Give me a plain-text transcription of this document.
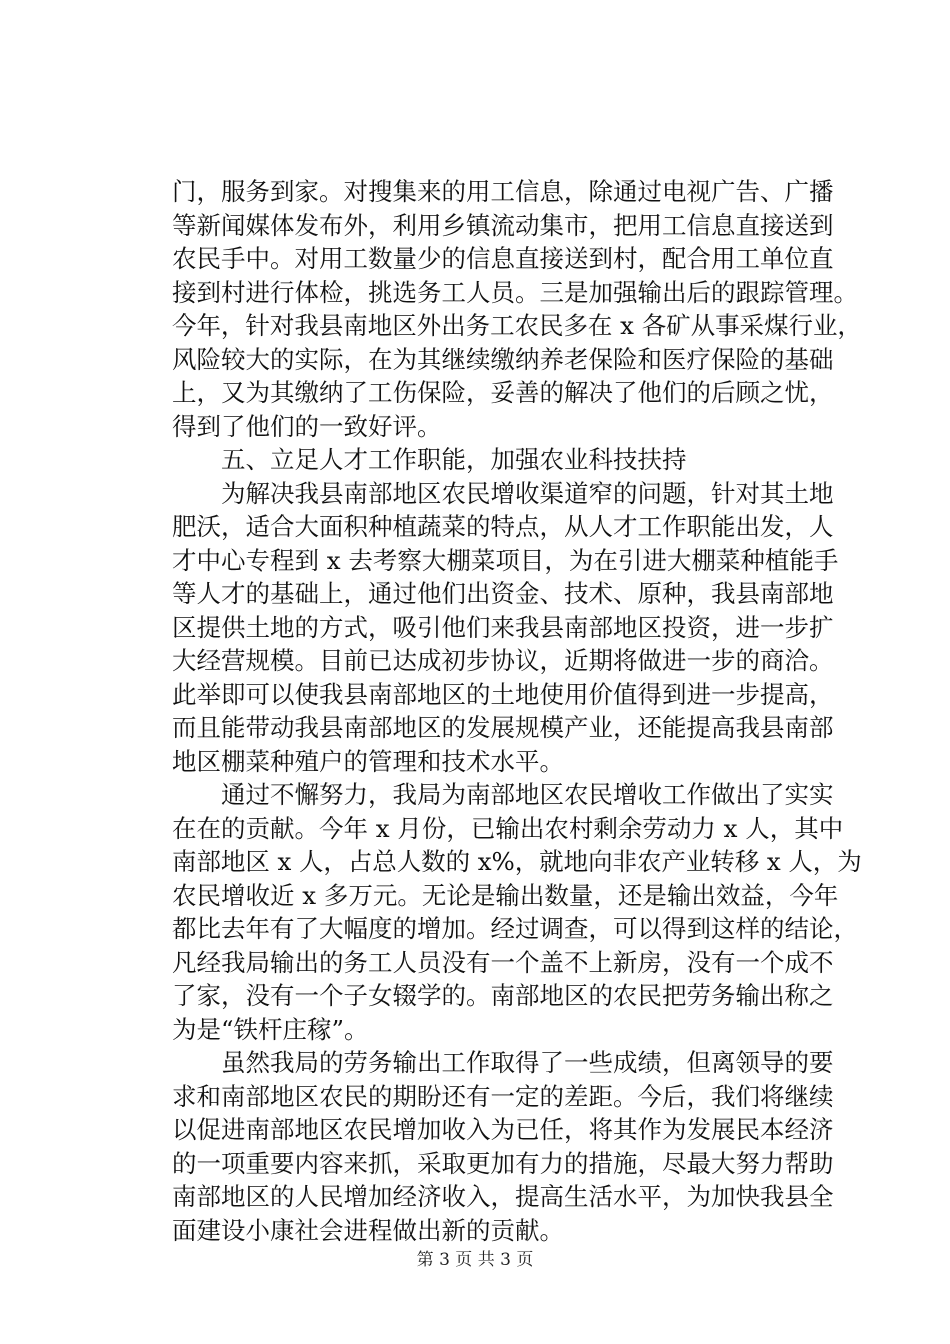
门，服务到家。对搜集来的用工信息，除通过电视广告、广播
等新闻媒体发布外，利用乡镇流动集市，把用工信息直接送到
农民手中。对用工数量少的信息直接送到村，配合用工单位直
接到村进行体检，挑选务工人员。三是加强输出后的跟踪管理。
今年，针对我县南地区外出务工农民多在 x 各矿从事采煤行业，
风险较大的实际，在为其继续缴纳养老保险和医疗保险的基础
上，又为其缴纳了工伤保险，妥善的解决了他们的后顾之忧，
得到了他们的一致好评。
五、立足人才工作职能，加强农业科技扶持
为解决我县南部地区农民增收渠道窄的问题，针对其土地
肥沃，适合大面积种植蔬菜的特点，从人才工作职能出发，人
才中心专程到 x 去考察大棚菜项目，为在引进大棚菜种植能手
等人才的基础上，通过他们出资金、技术、原种，我县南部地
区提供土地的方式，吸引他们来我县南部地区投资，进一步扩
大经营规模。目前已达成初步协议，近期将做进一步的商洽。
此举即可以使我县南部地区的土地使用价值得到进一步提高，
而且能带动我县南部地区的发展规模产业，还能提高我县南部
地区棚菜种殖户的管理和技术水平。
通过不懈努力，我局为南部地区农民增收工作做出了实实
在在的贡献。今年 x 月份，已输出农村剩余劳动力 x 人，其中
南部地区 x 人，占总人数的 x%，就地向非农产业转移 x 人，为
农民增收近 x 多万元。无论是输出数量，还是输出效益，今年
都比去年有了大幅度的增加。经过调查，可以得到这样的结论，
凡经我局输出的务工人员没有一个盖不上新房，没有一个成不
了家，没有一个子女辍学的。南部地区的农民把劳务输出称之
为是“铁杆庄稼”。
虽然我局的劳务输出工作取得了一些成绩，但离领导的要
求和南部地区农民的期盼还有一定的差距。今后，我们将继续
以促进南部地区农民增加收入为已任，将其作为发展民本经济
的一项重要内容来抓，采取更加有力的措施，尽最大努力帮助
南部地区的人民增加经济收入，提高生活水平，为加快我县全
面建设小康社会进程做出新的贡献。
第 3 页 共 3 页
